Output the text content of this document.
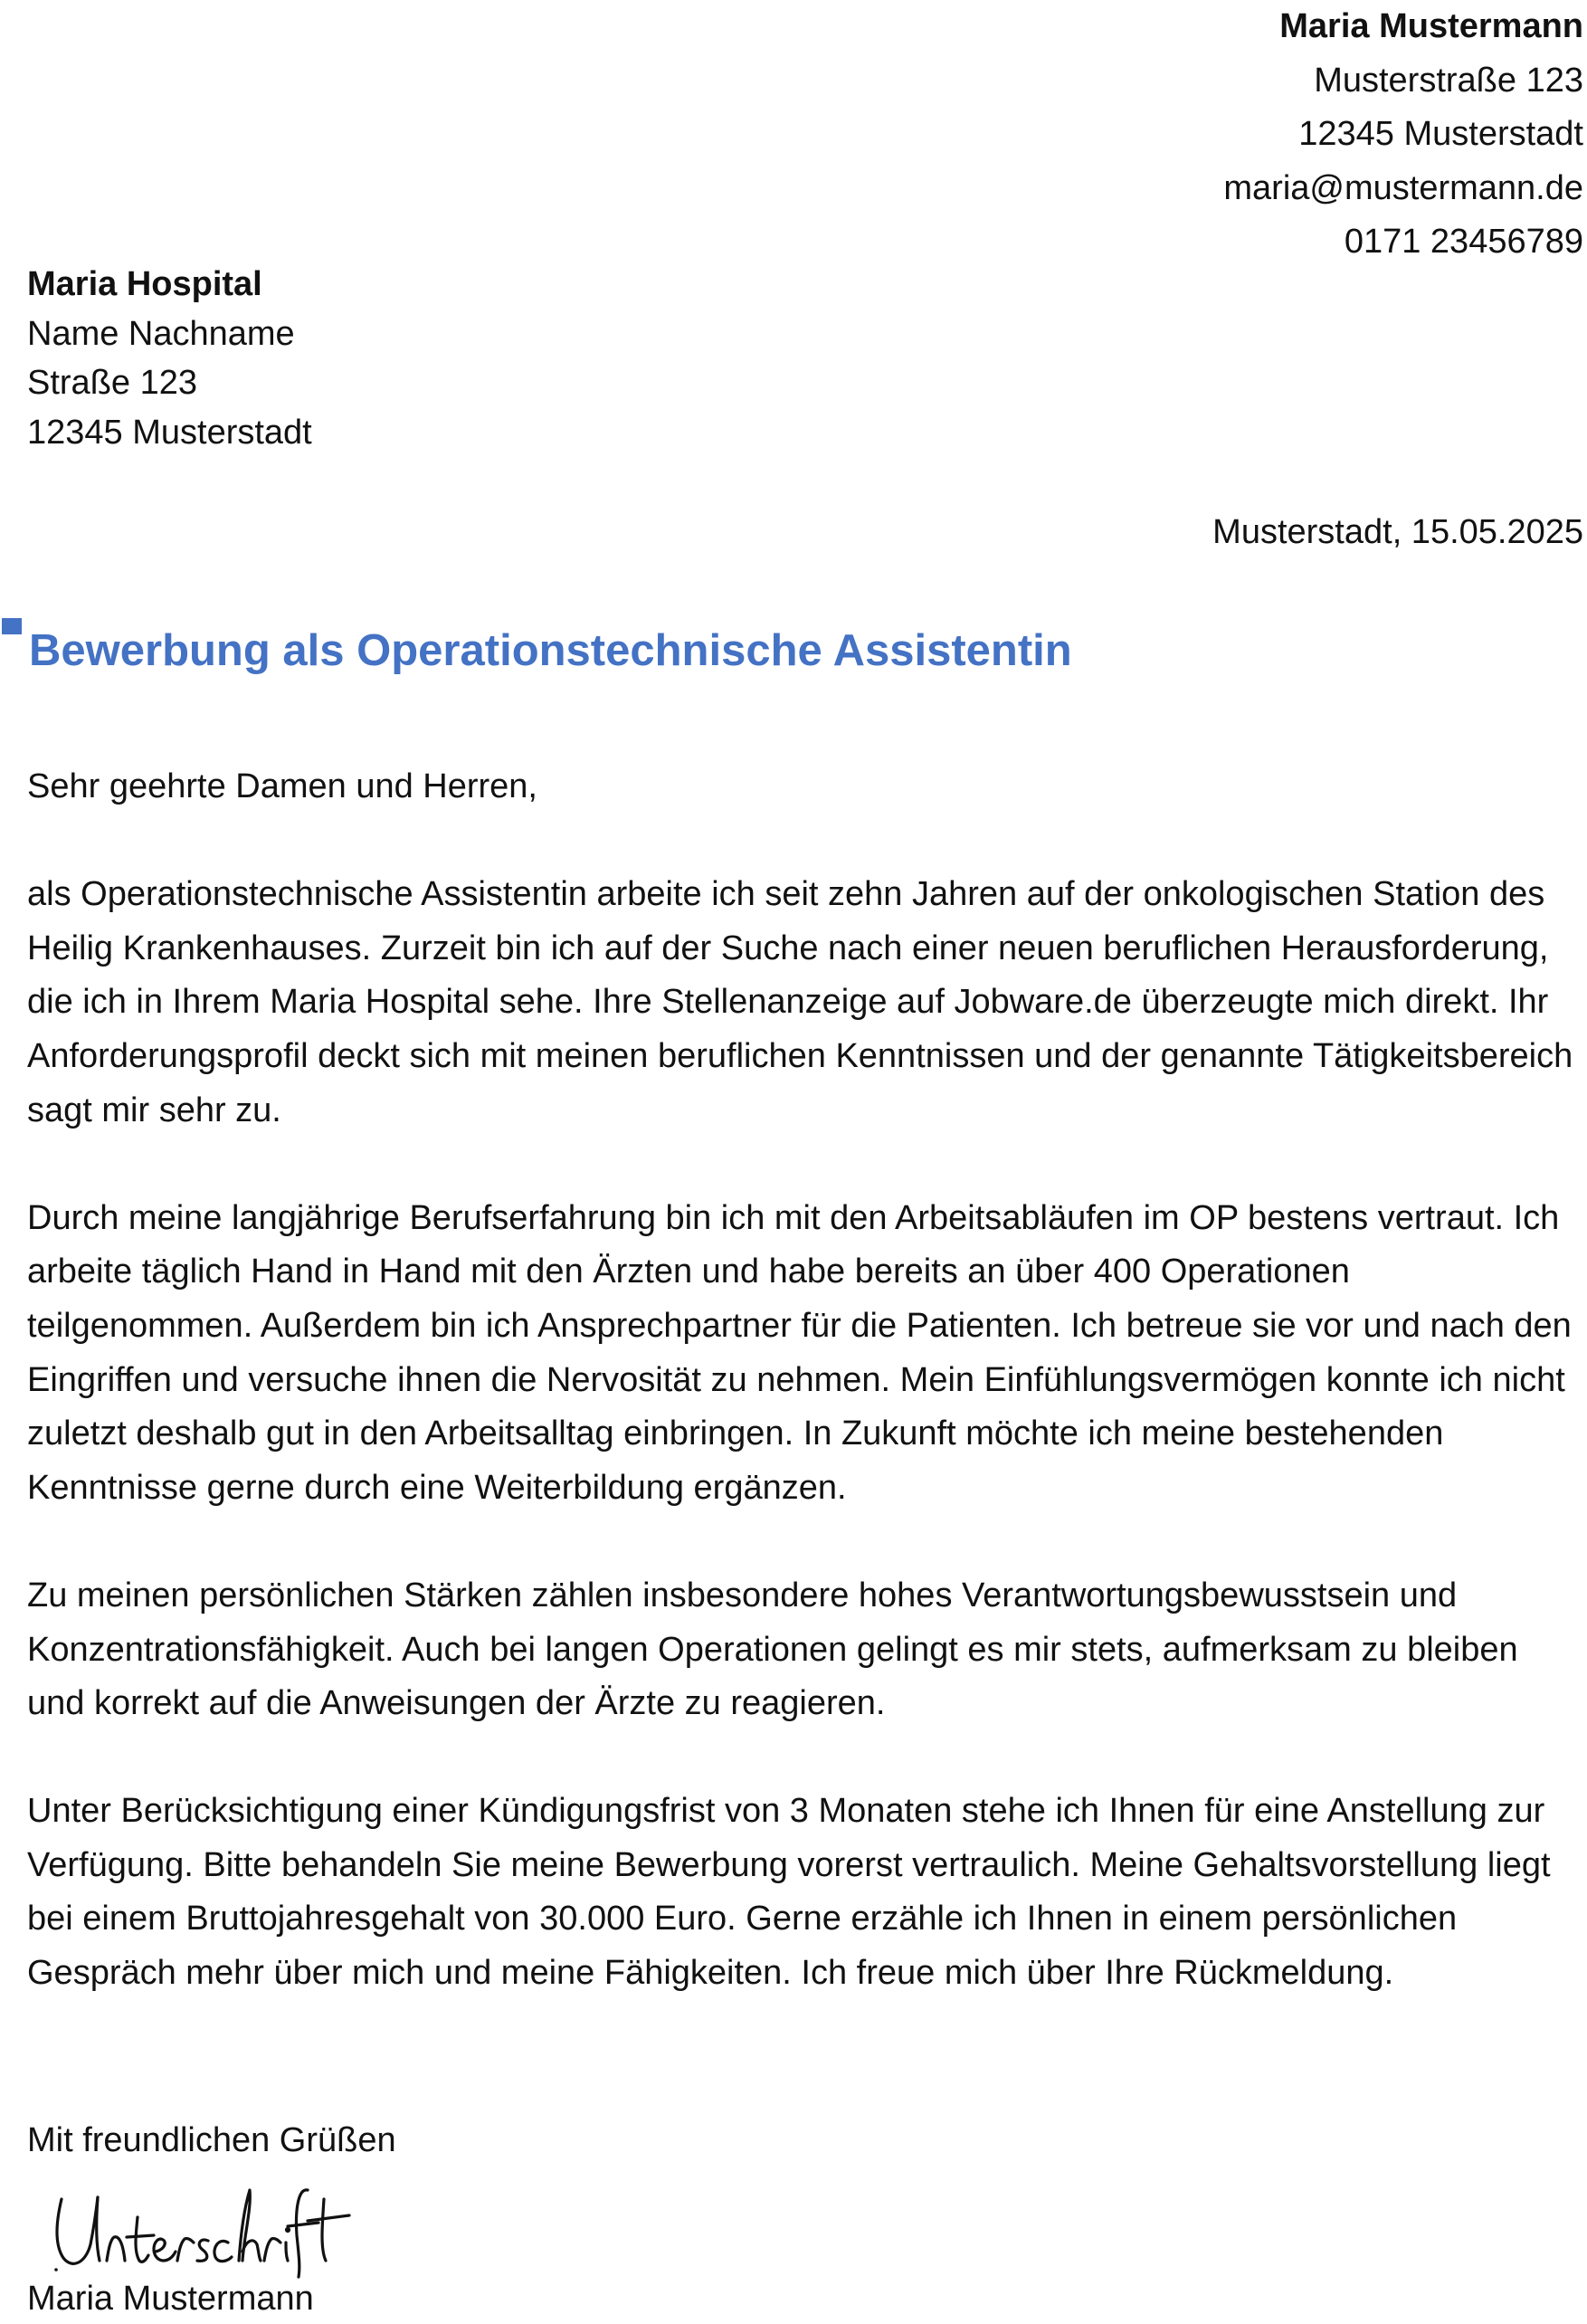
Maria Mustermann
Musterstraße 123
12345 Musterstadt
maria@mustermann.de
0171 23456789
Maria Hospital
Name Nachname
Straße 123
12345 Musterstadt
Musterstadt, 15.05.2025
Bewerbung als Operationstechnische Assistentin

Sehr geehrte Damen und Herren,

als Operationstechnische Assistentin arbeite ich seit zehn Jahren auf der onkologischen Station des Heilig Krankenhauses. Zurzeit bin ich auf der Suche nach einer neuen beruflichen Herausforderung, die ich in Ihrem Maria Hospital sehe. Ihre Stellenanzeige auf Jobware.de überzeugte mich direkt. Ihr Anforderungsprofil deckt sich mit meinen beruflichen Kenntnissen und der genannte Tätigkeitsbereich sagt mir sehr zu.

Durch meine langjährige Berufserfahrung bin ich mit den Arbeitsabläufen im OP bestens vertraut. Ich arbeite täglich Hand in Hand mit den Ärzten und habe bereits an über 400 Operationen teilgenommen. Außerdem bin ich Ansprechpartner für die Patienten. Ich betreue sie vor und nach den Eingriffen und versuche ihnen die Nervosität zu nehmen. Mein Einfühlungsvermögen konnte ich nicht zuletzt deshalb gut in den Arbeitsalltag einbringen. In Zukunft möchte ich meine bestehenden Kenntnisse gerne durch eine Weiterbildung ergänzen.

Zu meinen persönlichen Stärken zählen insbesondere hohes Verantwortungsbewusstsein und Konzentrationsfähigkeit. Auch bei langen Operationen gelingt es mir stets, aufmerksam zu bleiben und korrekt auf die Anweisungen der Ärzte zu reagieren.

Unter Berücksichtigung einer Kündigungsfrist von 3 Monaten stehe ich Ihnen für eine Anstellung zur Verfügung. Bitte behandeln Sie meine Bewerbung vorerst vertraulich. Meine Gehaltsvorstellung liegt bei einem Bruttojahresgehalt von 30.000 Euro. Gerne erzähle ich Ihnen in einem persönlichen Gespräch mehr über mich und meine Fähigkeiten. Ich freue mich über Ihre Rückmeldung.

Mit freundlichen Grüßen
Maria Mustermann
